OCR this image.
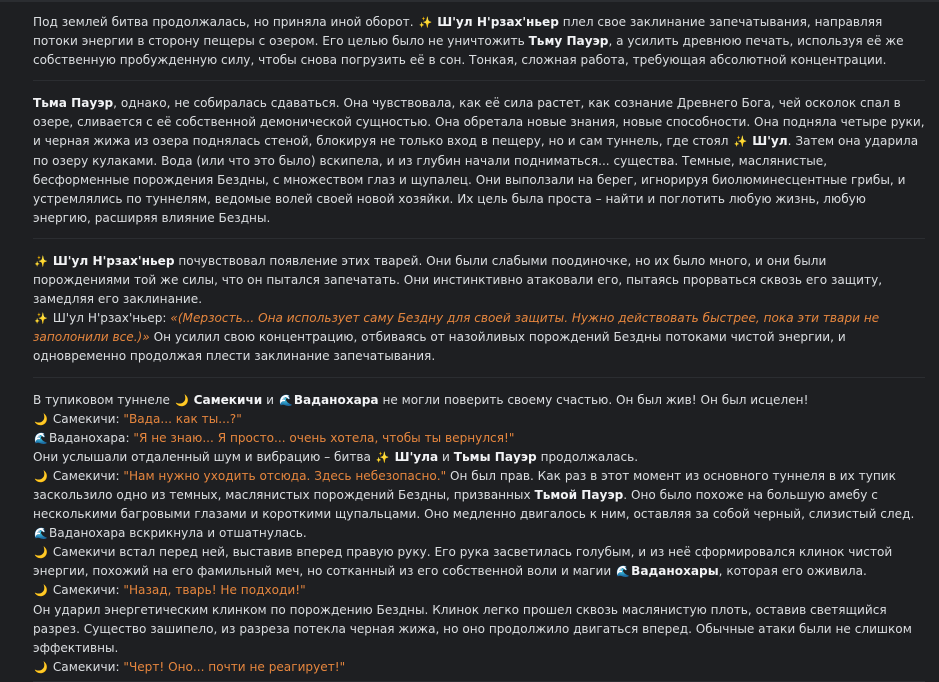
Под землей битва продолжалась, но приняла иной оборот. ✨ Ш'ул Н'рзах'ньер плел свое заклинание запечатывания, направляя потоки энергии в сторону пещеры с озером. Его целью было не уничтожить Тьму Пауэр, а усилить древнюю печать, используя её же собственную пробужденную силу, чтобы снова погрузить её в сон. Тонкая, сложная работа, требующая абсолютной концентрации.

Тьма Пауэр, однако, не собиралась сдаваться. Она чувствовала, как её сила растет, как сознание Древнего Бога, чей осколок спал в озере, сливается с её собственной демонической сущностью. Она обретала новые знания, новые способности. Она подняла четыре руки, и черная жижа из озера поднялась стеной, блокируя не только вход в пещеру, но и сам туннель, где стоял ✨ Ш'ул. Затем она ударила по озеру кулаками. Вода (или что это было) вскипела, и из глубин начали подниматься... существа. Темные, маслянистые, бесформенные порождения Бездны, с множеством глаз и щупалец. Они выползали на берег, игнорируя биолюминесцентные грибы, и устремлялись по туннелям, ведомые волей своей новой хозяйки. Их цель была проста – найти и поглотить любую жизнь, любую энергию, расширяя влияние Бездны.

✨ Ш'ул Н'рзах'ньер почувствовал появление этих тварей. Они были слабыми поодиночке, но их было много, и они были порождениями той же силы, что он пытался запечатать. Они инстинктивно атаковали его, пытаясь прорваться сквозь его защиту, замедляя его заклинание.
✨ Ш'ул Н'рзах'ньер: «(Мерзость... Она использует саму Бездну для своей защиты. Нужно действовать быстрее, пока эти твари не заполонили все.)» Он усилил свою концентрацию, отбиваясь от назойливых порождений Бездны потоками чистой энергии, и одновременно продолжая плести заклинание запечатывания.

В тупиковом туннеле 🌙 Самекичи и 🌊Ваданохара не могли поверить своему счастью. Он был жив! Он был исцелен!

🌙 Самекичи: "Вада... как ты...?"

🌊Ваданохара: "Я не знаю... Я просто... очень хотела, чтобы ты вернулся!"

Они услышали отдаленный шум и вибрацию – битва ✨ Ш'ула и Тьмы Пауэр продолжалась.

🌙 Самекичи: "Нам нужно уходить отсюда. Здесь небезопасно." Он был прав. Как раз в этот момент из основного туннеля в их тупик заскользило одно из темных, маслянистых порождений Бездны, призванных Тьмой Пауэр. Оно было похоже на большую амебу с несколькими багровыми глазами и короткими щупальцами. Оно медленно двигалось к ним, оставляя за собой черный, слизистый след.

🌊Ваданохара вскрикнула и отшатнулась.

🌙 Самекичи встал перед ней, выставив вперед правую руку. Его рука засветилась голубым, и из неё сформировался клинок чистой энергии, похожий на его фамильный меч, но сотканный из его собственной воли и магии 🌊Ваданохары, которая его оживила.

🌙 Самекичи: "Назад, тварь! Не подходи!"

Он ударил энергетическим клинком по порождению Бездны. Клинок легко прошел сквозь маслянистую плоть, оставив светящийся разрез. Существо зашипело, из разреза потекла черная жижа, но оно продолжило двигаться вперед. Обычные атаки были не слишком эффективны.

🌙 Самекичи: "Черт! Оно... почти не реагирует!"
